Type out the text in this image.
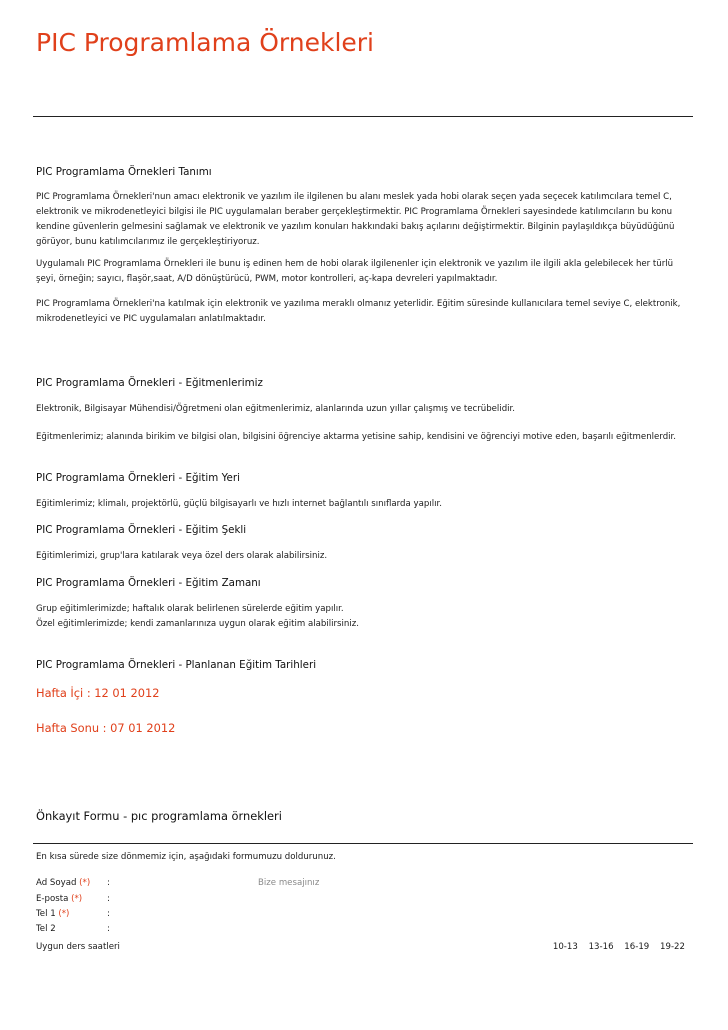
PIC Programlama Örnekleri
PIC Programlama Örnekleri Tanımı
PIC Programlama Örnekleri'nun amacı elektronik ve yazılım ile ilgilenen bu alanı meslek yada hobi olarak seçen yada seçecek katılımcılara temel C, elektronik ve mikrodenetleyici bilgisi ile PIC uygulamaları beraber gerçekleştirmektir. PIC Programlama Örnekleri sayesindede katılımcıların bu konu kendine güvenlerin gelmesini sağlamak ve elektronik ve yazılım konuları hakkındaki bakış açılarını değiştirmektir. Bilginin paylaşıldıkça büyüdüğünü görüyor, bunu katılımcılarımız ile gerçekleştiriyoruz.
Uygulamalı PIC Programlama Örnekleri ile bunu iş edinen hem de hobi olarak ilgilenenler için elektronik ve yazılım ile ilgili akla gelebilecek her türlü şeyi, örneğin; sayıcı, flaşör,saat, A/D dönüştürücü, PWM, motor kontrolleri, aç-kapa devreleri yapılmaktadır.
PIC Programlama Örnekleri'na katılmak için elektronik ve yazılıma meraklı olmanız yeterlidir. Eğitim süresinde kullanıcılara temel seviye C, elektronik, mikrodenetleyici ve PIC uygulamaları anlatılmaktadır.
PIC Programlama Örnekleri - Eğitmenlerimiz
Elektronik, Bilgisayar Mühendisi/Öğretmeni olan eğitmenlerimiz, alanlarında uzun yıllar çalışmış ve tecrübelidir.
Eğitmenlerimiz; alanında birikim ve bilgisi olan, bilgisini öğrenciye aktarma yetisine sahip, kendisini ve öğrenciyi motive eden, başarılı eğitmenlerdir.
PIC Programlama Örnekleri - Eğitim Yeri
Eğitimlerimiz; klimalı, projektörlü, güçlü bilgisayarlı ve hızlı internet bağlantılı sınıflarda yapılır.
PIC Programlama Örnekleri - Eğitim Şekli
Eğitimlerimizi, grup'lara katılarak veya özel ders olarak alabilirsiniz.
PIC Programlama Örnekleri - Eğitim Zamanı
Grup eğitimlerimizde; haftalık olarak belirlenen sürelerde eğitim yapılır.
Özel eğitimlerimizde; kendi zamanlarınıza uygun olarak eğitim alabilirsiniz.
PIC Programlama Örnekleri - Planlanan Eğitim Tarihleri
Hafta İçi : 12 01 2012
Hafta Sonu : 07 01 2012
Önkayıt Formu - pıc programlama örnekleri
En kısa sürede size dönmemiz için, aşağıdaki formumuzu doldurunuz.
Ad Soyad (*) :	Bize mesajınız
E-posta (*)	:
Tel 1 (*)	:
Tel 2	:
Uygun ders saatleri	10-13 13-16 16-19 19-22
